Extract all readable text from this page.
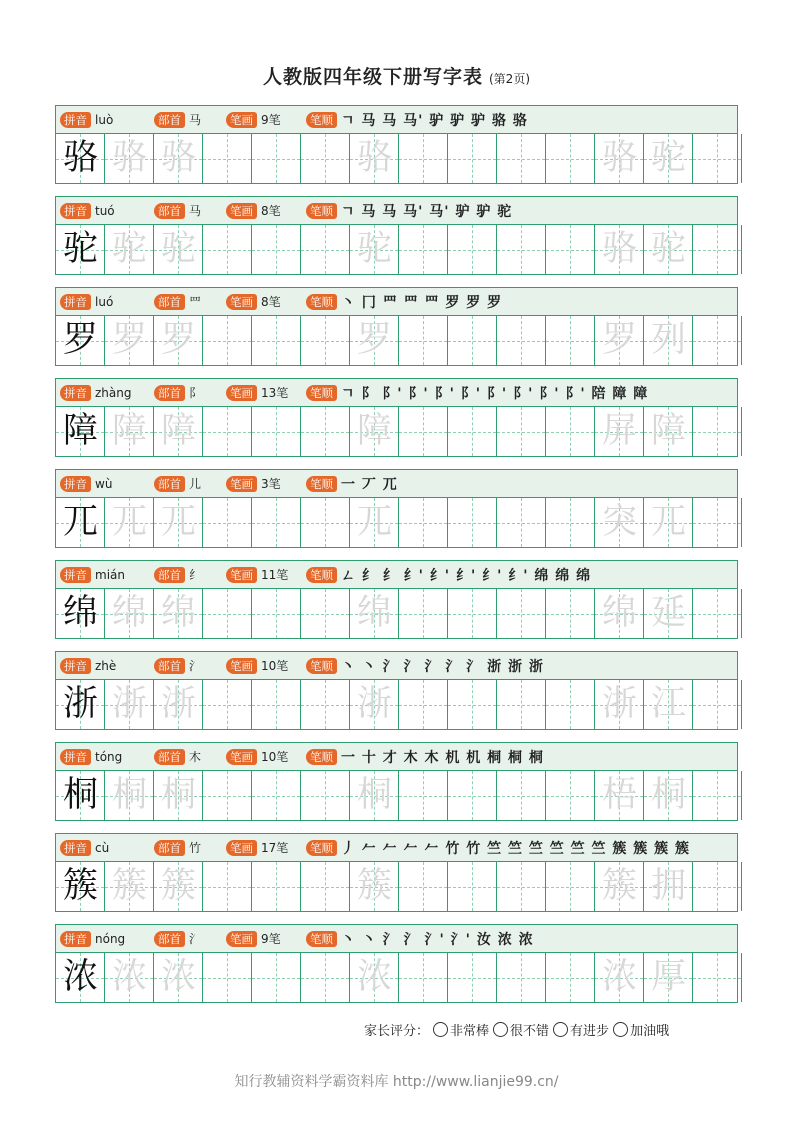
人教版四年级下册写字表 (第2页)
拼音 luò	部首 马	笔画 9笔	笔顺 ㄱ 马 马 马' 驴 驴 驴 骆 骆
骆 骆 骆	骆	骆 驼
拼音 tuó	部首 马	笔画 8笔	笔顺 ㄱ 马 马 马' 马' 驴 驴 驼
驼 驼 驼	驼	骆 驼
拼音 luó	部首 罒	笔画 8笔	笔顺 丶 冂 罒 罒 罒 罗 罗 罗
罗 罗 罗	罗	罗 列
拼音 zhàng	部首 阝	笔画 13笔	笔顺 ㄱ 阝 阝' 阝' 阝' 阝' 阝' 阝' 阝' 阝' 陪 障 障
障 障 障	障	屏 障
拼音 wù	部首 儿	笔画 3笔	笔顺 一 丆 兀
兀 兀 兀	兀	突 兀
拼音 mián	部首 纟	笔画 11笔	笔顺 ㄥ 纟 纟 纟' 纟' 纟' 纟' 纟' 绵 绵 绵
绵 绵 绵	绵	绵 延
拼音 zhè	部首 氵	笔画 10笔	笔顺 丶 丶 氵 氵 氵 氵 氵 浙 浙 浙
浙 浙 浙	浙	浙 江
拼音 tóng	部首 木	笔画 10笔	笔顺 一 十 才 木 木 机 机 桐 桐 桐
桐 桐 桐	桐	梧 桐
拼音 cù	部首 竹	笔画 17笔	笔顺 丿 𠂉 𠂉 𠂉 𠂉 竹 竹 竺 竺 竺 竺 竺 竺 簇 簇 簇 簇
簇 簇 簇	簇	簇 拥
拼音 nóng	部首 氵	笔画 9笔	笔顺 丶 丶 氵 氵 氵' 氵' 汝 浓 浓
浓 浓 浓	浓	浓 厚
家长评分： 非常棒 很不错 有进步 加油哦
知行教辅资料学霸资料库 http://www.lianjie99.cn/
